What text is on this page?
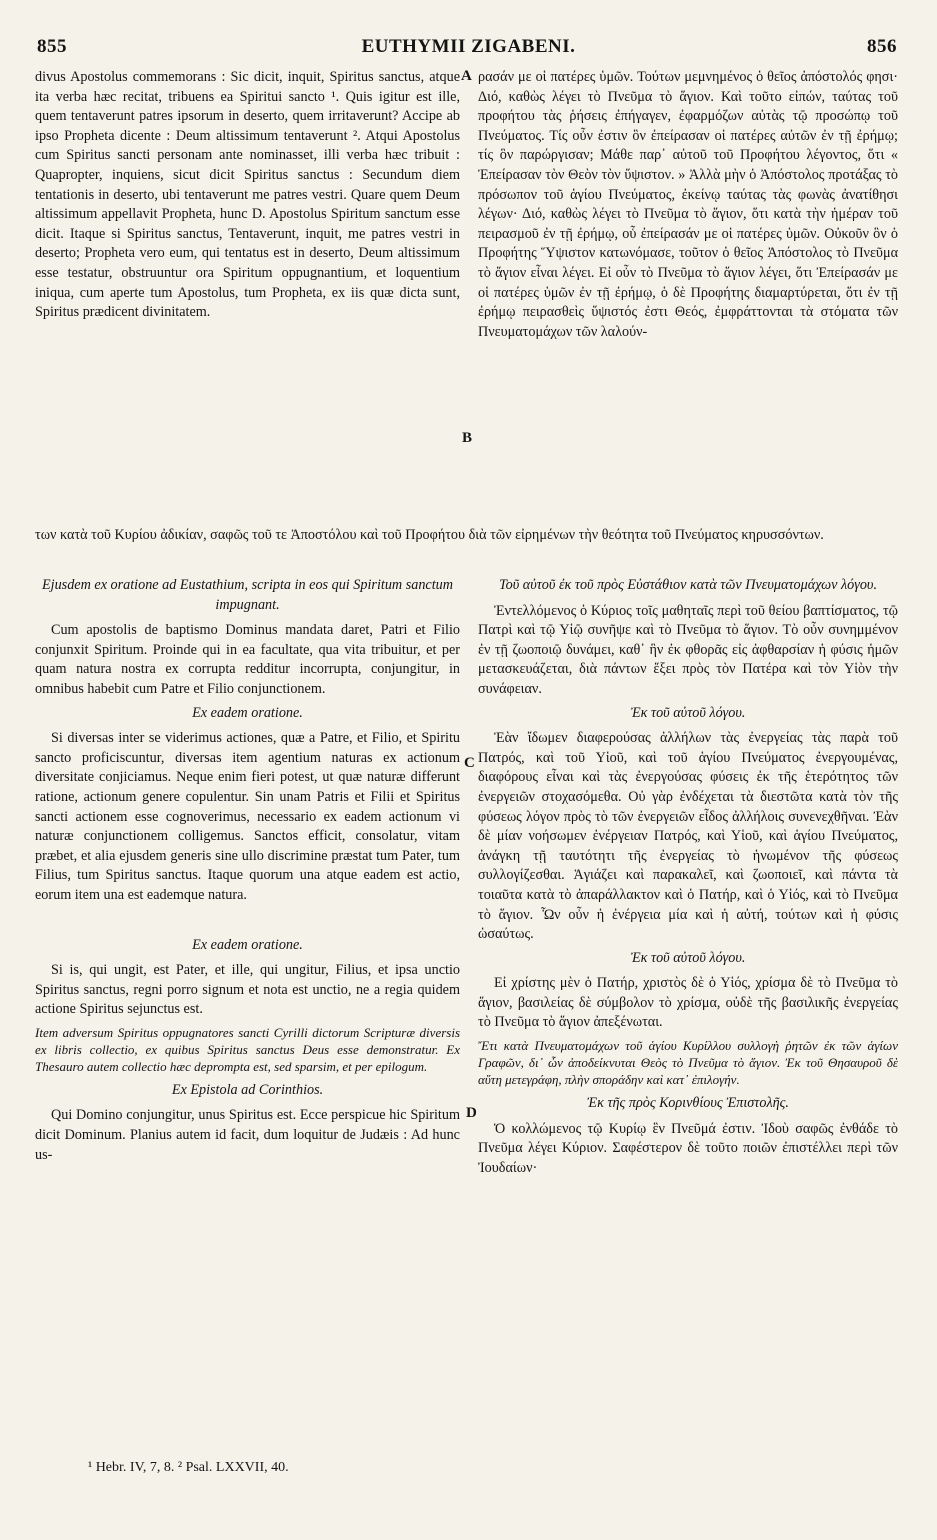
855	EUTHYMII ZIGABENI.	856

divus Apostolus commemorans : Sic dicit, inquit, Spiritus sanctus, atque ita verba hæc recitat, tribuens ea Spiritui sancto ¹. Quis igitur est ille, quem tentaverunt patres ipsorum in deserto, quem irritaverunt? Accipe ab ipso Propheta dicente : Deum altissimum tentaverunt ². Atqui Apostolus cum Spiritus sancti personam ante nominasset, illi verba hæc tribuit : Quapropter, inquiens, sicut dicit Spiritus sanctus : Secundum diem tentationis in deserto, ubi tentaverunt me patres vestri. Quare quem Deum altissimum appellavit Propheta, hunc D. Apostolus Spiritum sanctum esse dicit. Itaque si Spiritus sanctus, Tentaverunt, inquit, me patres vestri in deserto; Propheta vero eum, qui tentatus est in deserto, Deum altissimum esse testatur, obstruuntur ora Spiritum oppugnantium, et loquentium iniqua, cum aperte tum Apostolus, tum Propheta, ex iis quæ dicta sunt, Spiritus prædicent divinitatem.

ρασάν με οἱ πατέρες ὑμῶν. Τούτων μεμνημένος ὁ θεῖος ἀπόστολός φησι· Διό, καθὼς λέγει τὸ Πνεῦμα τὸ ἅγιον. Καὶ τοῦτο εἰπών, ταύτας τοῦ προφήτου τὰς ῥήσεις ἐπήγαγεν, ἐφαρμόζων αὐτὰς τῷ προσώπῳ τοῦ Πνεύματος. Τίς οὖν ἐστιν ὃν ἐπείρασαν οἱ πατέρες αὐτῶν ἐν τῇ ἐρήμῳ; τίς ὃν παρώργισαν; Μάθε παρ᾽ αὐτοῦ τοῦ Προφήτου λέγοντος, ὅτι « Ἐπείρασαν τὸν Θεὸν τὸν ὕψιστον. » Ἀλλὰ μὴν ὁ Ἀπόστολος προτάξας τὸ πρόσωπον τοῦ ἁγίου Πνεύματος, ἐκείνῳ ταύτας τὰς φωνὰς ἀνατίθησι λέγων· Διό, καθὼς λέγει τὸ Πνεῦμα τὸ ἅγιον, ὅτι κατὰ τὴν ἡμέραν τοῦ πειρασμοῦ ἐν τῇ ἐρήμῳ, οὗ ἐπείρασάν με οἱ πατέρες ὑμῶν. Οὐκοῦν ὃν ὁ Προφήτης Ὕψιστον κατωνόμασε, τοῦτον ὁ θεῖος Ἀπόστολος τὸ Πνεῦμα τὸ ἅγιον εἶναι λέγει. Εἰ οὖν τὸ Πνεῦμα τὸ ἅγιον λέγει, ὅτι Ἐπείρασάν με οἱ πατέρες ὑμῶν ἐν τῇ ἐρήμῳ, ὁ δὲ Προφήτης διαμαρτύρεται, ὅτι ἐν τῇ ἐρήμῳ πειρασθεὶς ὕψιστός ἐστι Θεός, ἐμφράττονται τὰ στόματα τῶν Πνευματομάχων τῶν λαλούν-

A
B
C
D
των κατὰ τοῦ Κυρίου ἀδικίαν, σαφῶς τοῦ τε Ἀποστόλου καὶ τοῦ Προφήτου διὰ τῶν εἰρημένων τὴν θεότητα τοῦ Πνεύματος κηρυσσόντων.
Ejusdem ex oratione ad Eustathium, scripta in eos qui Spiritum sanctum impugnant.

Cum apostolis de baptismo Dominus mandata daret, Patri et Filio conjunxit Spiritum. Proinde qui in ea facultate, qua vita tribuitur, et per quam natura nostra ex corrupta redditur incorrupta, conjungitur, in omnibus habebit cum Patre et Filio conjunctionem.

Ex eadem oratione.

Si diversas inter se viderimus actiones, quæ a Patre, et Filio, et Spiritu sancto proficiscuntur, diversas item agentium naturas ex actionum diversitate conjiciamus. Neque enim fieri potest, ut quæ naturæ differunt ratione, actionum genere copulentur. Sin unam Patris et Filii et Spiritus sancti actionem esse cognoverimus, necessario ex eadem actionum vi naturæ conjunctionem colligemus. Sanctos efficit, consolatur, vitam præbet, et alia ejusdem generis sine ullo discrimine præstat tum Pater, tum Filius, tum Spiritus sanctus. Itaque quorum una atque eadem est actio, eorum item una est eademque natura.

Ex eadem oratione.

Si is, qui ungit, est Pater, et ille, qui ungitur, Filius, et ipsa unctio Spiritus sanctus, regni porro signum et nota est unctio, ne a regia quidem actione Spiritus sejunctus est.

Item adversum Spiritus oppugnatores sancti Cyrilli dictorum Scripturæ diversis ex libris collectio, ex quibus Spiritus sanctus Deus esse demonstratur. Ex Thesauro autem collectio hæc deprompta est, sed sparsim, et per epilogum.
Ex Epistola ad Corinthios.

Qui Domino conjungitur, unus Spiritus est. Ecce perspicue hic Spiritum dicit Dominum. Planius autem id facit, dum loquitur de Judæis : Ad hunc us-

Τοῦ αὐτοῦ ἐκ τοῦ πρὸς Εὐστάθιον κατὰ τῶν Πνευματομάχων λόγου.

Ἐντελλόμενος ὁ Κύριος τοῖς μαθηταῖς περὶ τοῦ θείου βαπτίσματος, τῷ Πατρὶ καὶ τῷ Υἱῷ συνῆψε καὶ τὸ Πνεῦμα τὸ ἅγιον. Τὸ οὖν συνημμένον ἐν τῇ ζωοποιῷ δυνάμει, καθ᾽ ἣν ἐκ φθορᾶς εἰς ἀφθαρσίαν ἡ φύσις ἡμῶν μετασκευάζεται, διὰ πάντων ἕξει πρὸς τὸν Πατέρα καὶ τὸν Υἱὸν τὴν συνάφειαν.

Ἐκ τοῦ αὐτοῦ λόγου.

Ἐὰν ἴδωμεν διαφερούσας ἀλλήλων τὰς ἐνεργείας τὰς παρὰ τοῦ Πατρός, καὶ τοῦ Υἱοῦ, καὶ τοῦ ἁγίου Πνεύματος ἐνεργουμένας, διαφόρους εἶναι καὶ τὰς ἐνεργούσας φύσεις ἐκ τῆς ἑτερότητος τῶν ἐνεργειῶν στοχασόμεθα. Οὐ γὰρ ἐνδέχεται τὰ διεστῶτα κατὰ τὸν τῆς φύσεως λόγον πρὸς τὸ τῶν ἐνεργειῶν εἶδος ἀλλήλοις συνενεχθῆναι. Ἐὰν δὲ μίαν νοήσωμεν ἐνέργειαν Πατρός, καὶ Υἱοῦ, καὶ ἁγίου Πνεύματος, ἀνάγκη τῇ ταυτότητι τῆς ἐνεργείας τὸ ἡνωμένον τῆς φύσεως συλλογίζεσθαι. Ἁγιάζει καὶ παρακαλεῖ, καὶ ζωοποιεῖ, καὶ πάντα τὰ τοιαῦτα κατὰ τὸ ἀπαράλλακτον καὶ ὁ Πατήρ, καὶ ὁ Υἱός, καὶ τὸ Πνεῦμα τὸ ἅγιον. Ὧν οὖν ἡ ἐνέργεια μία καὶ ἡ αὐτή, τούτων καὶ ἡ φύσις ὡσαύτως.

Ἐκ τοῦ αὐτοῦ λόγου.

Εἰ χρίστης μὲν ὁ Πατήρ, χριστὸς δὲ ὁ Υἱός, χρίσμα δὲ τὸ Πνεῦμα τὸ ἅγιον, βασιλείας δὲ σύμβολον τὸ χρίσμα, οὐδὲ τῆς βασιλικῆς ἐνεργείας τὸ Πνεῦμα τὸ ἅγιον ἀπεξένωται.

Ἔτι κατὰ Πνευματομάχων τοῦ ἁγίου Κυρίλλου συλλογὴ ῥητῶν ἐκ τῶν ἁγίων Γραφῶν, δι᾽ ὧν ἀποδείκνυται Θεὸς τὸ Πνεῦμα τὸ ἅγιον. Ἐκ τοῦ Θησαυροῦ δὲ αὕτη μετεγράφη, πλὴν σποράδην καὶ κατ᾽ ἐπιλογήν.
Ἐκ τῆς πρὸς Κορινθίους Ἐπιστολῆς.

Ὁ κολλώμενος τῷ Κυρίῳ ἓν Πνεῦμά ἐστιν. Ἰδοὺ σαφῶς ἐνθάδε τὸ Πνεῦμα λέγει Κύριον. Σαφέστερον δὲ τοῦτο ποιῶν ἐπιστέλλει περὶ τῶν Ἰουδαίων·

¹ Hebr. IV, 7, 8. ² Psal. LXXVII, 40.
